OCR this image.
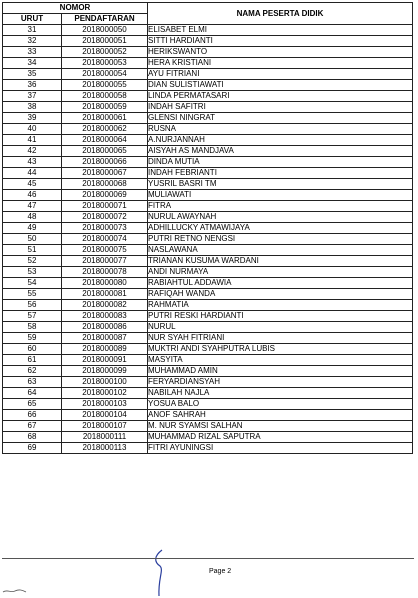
NOMOR		NAMA PESERTA DIDIK
URUT	PENDAFTARAN	
31	2018000050	ELISABET ELMI
32	2018000051	SITTI HARDIANTI
33	2018000052	HERIKSWANTO
34	2018000053	HERA KRISTIANI
35	2018000054	AYU FITRIANI
36	2018000055	DIAN SULISTIAWATI
37	2018000058	LINDA PERMATASARI
38	2018000059	INDAH SAFITRI
39	2018000061	GLENSI NINGRAT
40	2018000062	RUSNA
41	2018000064	A.NURJANNAH
42	2018000065	AISYAH AS MANDJAVA
43	2018000066	DINDA MUTIA
44	2018000067	INDAH FEBRIANTI
45	2018000068	YUSRIL BASRI TM
46	2018000069	MULIAWATI
47	2018000071	FITRA
48	2018000072	NURUL AWAYNAH
49	2018000073	ADHILLUCKY ATMAWIJAYA
50	2018000074	PUTRI RETNO NENGSI
51	2018000075	NASLAWANA
52	2018000077	TRIANAN KUSUMA WARDANI
53	2018000078	ANDI NURMAYA
54	2018000080	RABIAHTUL ADDAWIA
55	2018000081	RAFIQAH WANDA
56	2018000082	RAHMATIA
57	2018000083	PUTRI RESKI HARDIANTI
58	2018000086	NURUL
59	2018000087	NUR SYAH FITRIANI
60	2018000089	MUKTRI ANDI SYAHPUTRA LUBIS
61	2018000091	MASYITA
62	2018000099	MUHAMMAD AMIN
63	2018000100	FERYARDIANSYAH
64	2018000102	NABILAH NAJLA
65	2018000103	YOSUA BALO
66	2018000104	ANOF SAHRAH
67	2018000107	M. NUR SYAMSI SALHAN
68	2018000111	MUHAMMAD RIZAL SAPUTRA
69	2018000113	FITRI AYUNINGSI
Page 2
